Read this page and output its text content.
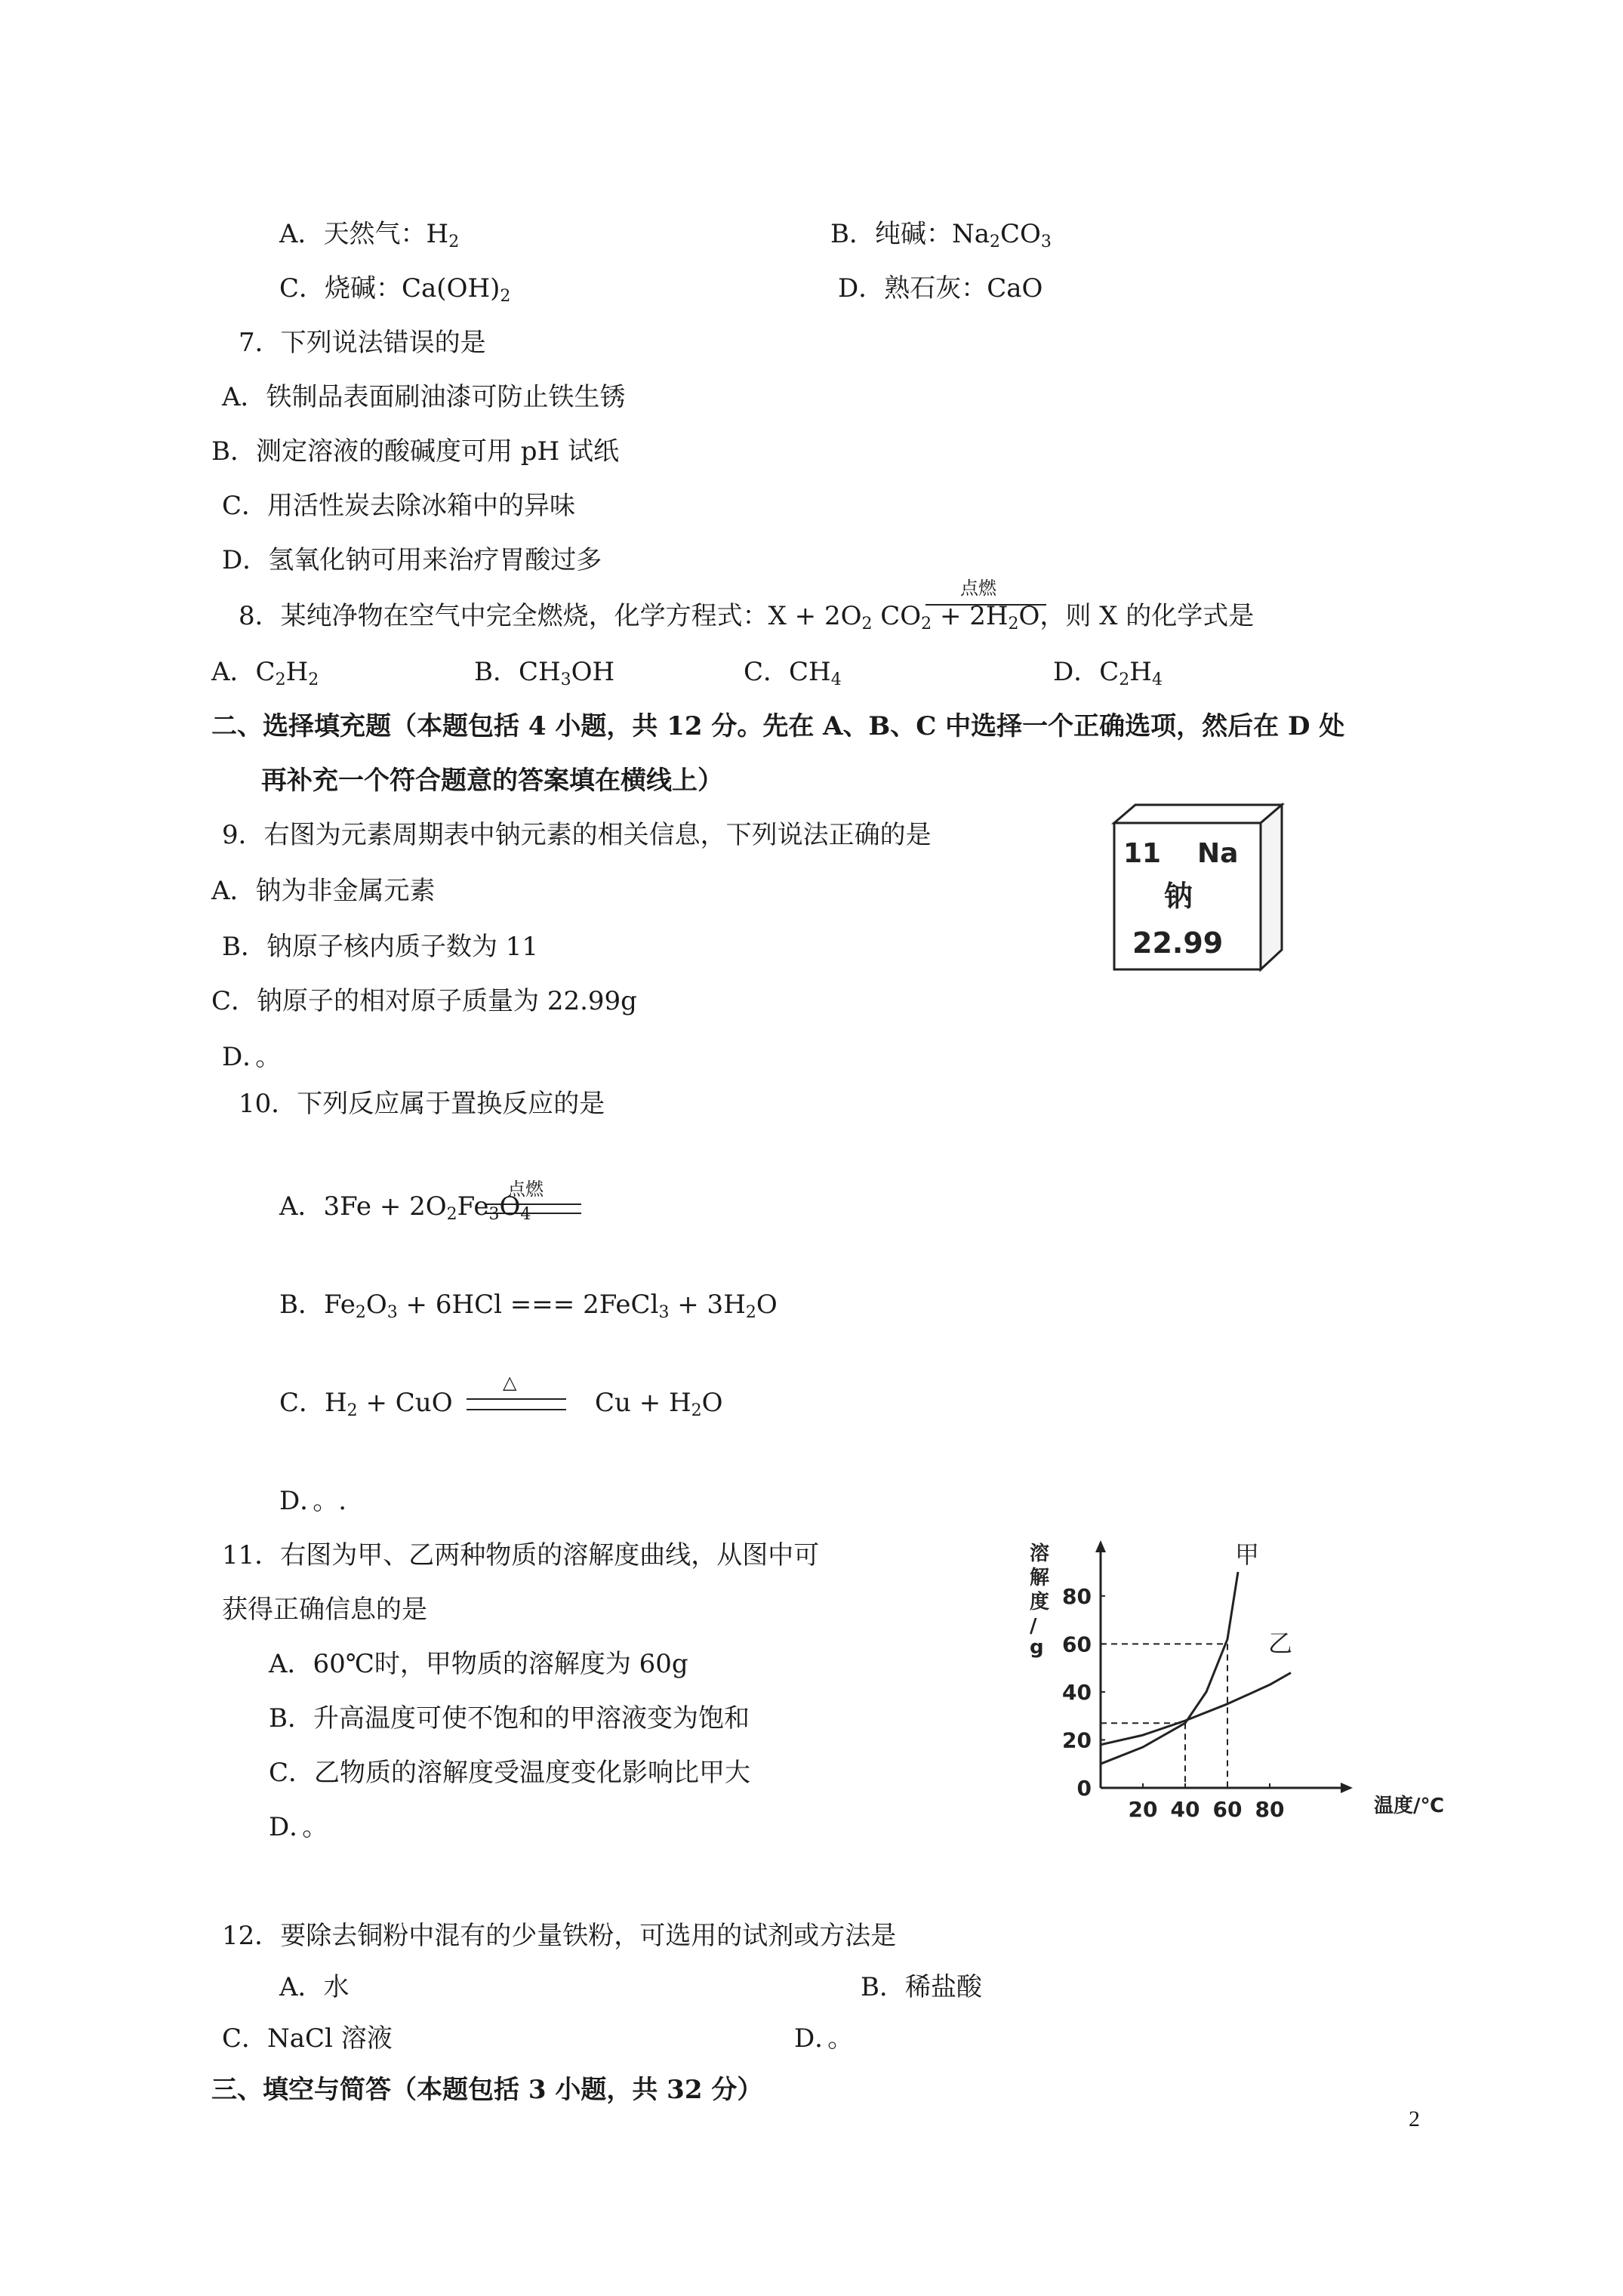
A．天然气：$H_2$	B．纯碱：$Na_2CO_3$
C．烧碱：$Ca(OH)_2$	D．熟石灰：CaO
7．下列说法错误的是
A．铁制品表面刷油漆可防止铁生锈
B．测定溶液的酸碱度可用 pH 试纸
C．用活性炭去除冰箱中的异味
D．氢氧化钠可用来治疗胃酸过多
点燃
8．某纯净物在空气中完全燃烧，化学方程式：$X + 2O_2$ $CO_2 + 2H_2O$，则 X 的化学式是
A．$C_2H_2$	B．$CH_3OH$	C．$CH_4$	D．$C_2H_4$
二、选择填充题（本题包括 4 小题，共 12 分。先在 A、B、C 中选择一个正确选项，然后在 D 处
再补充一个符合题意的答案填在横线上）
9．右图为元素周期表中钠元素的相关信息，下列说法正确的是
A．钠为非金属元素
B．钠原子核内质子数为 11
C．钠原子的相对原子质量为 22.99g
D．。
11 Na
钠
22.99
10．下列反应属于置换反应的是
点燃
A．$3Fe + 2O_2Fe_3O_4$
B．$Fe_2O_3 + 6HCl$ === 2FeCl$_3$ + $3H_2O$
C．$H_2$ + CuO
△
$Cu + H_2O$
D．。.
11．右图为甲、乙两种物质的溶解度曲线，从图中可
获得正确信息的是
A．60℃时，甲物质的溶解度为 60g
B．升高温度可使不饱和的甲溶液变为饱和
C．乙物质的溶解度受温度变化影响比甲大
D．。
溶
解
度
/
g
温度/℃
20 40 60 80
0
20
40
60
80
甲
乙
12．要除去铜粉中混有的少量铁粉，可选用的试剂或方法是
A．水	B．稀盐酸
C．NaCl 溶液	D．。
三、填空与简答（本题包括 3 小题，共 32 分）
2
